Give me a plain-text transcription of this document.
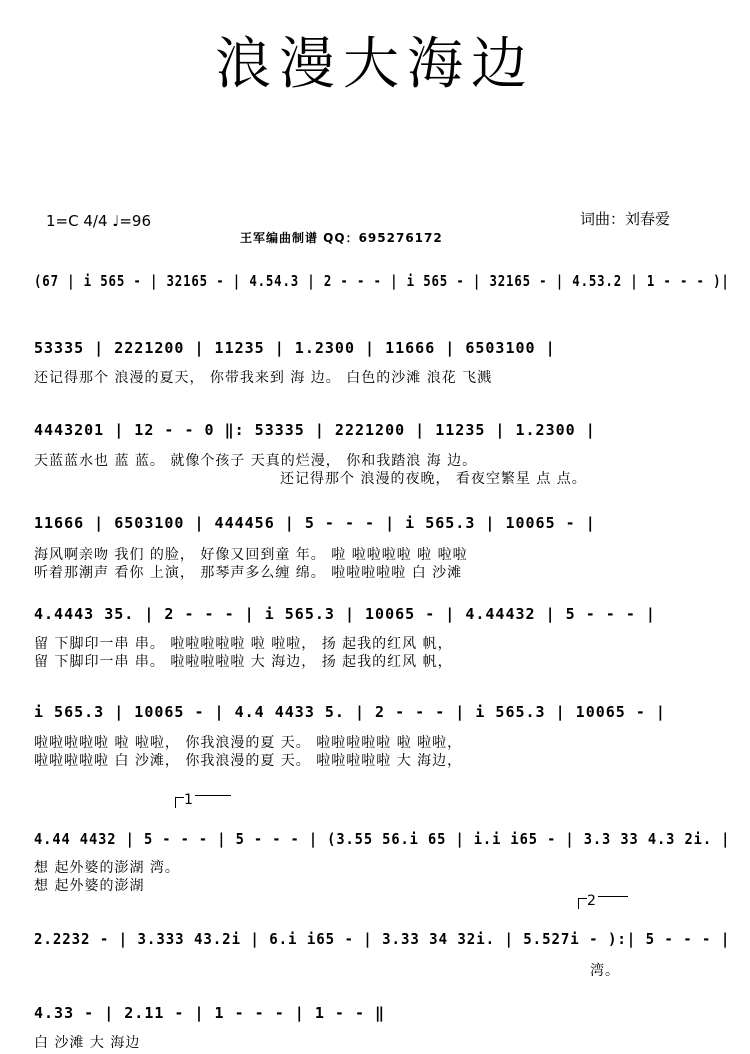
浪漫大海边
1=C 4/4 ♩=96
王军编曲制谱 QQ：695276172
词曲：刘春爱
(67 | i 565 - | 32165 - | 4.54.3 | 2 - - - | i 565 - | 32165 - | 4.53.2 | 1 - - - )|
53335 | 2221200 | 11235 | 1.2300 | 11666 | 6503100 |
还记得那个 浪漫的夏天， 你带我来到 海 边。 白色的沙滩 浪花 飞溅
4443201 | 12 - - 0 ‖: 53335 | 2221200 | 11235 | 1.2300 |
天蓝蓝水也 蓝 蓝。 就像个孩子 天真的烂漫， 你和我踏浪 海 边。
还记得那个 浪漫的夜晚， 看夜空繁星 点 点。
11666 | 6503100 | 444456 | 5 - - - | i 565.3 | 10065 - |
海风啊亲吻 我们 的脸， 好像又回到童 年。 啦 啦啦啦啦 啦 啦啦
听着那潮声 看你 上演， 那琴声多么缠 绵。 啦啦啦啦啦 白 沙滩
4.4443 35. | 2 - - - | i 565.3 | 10065 - | 4.44432 | 5 - - - |
留 下脚印一串 串。 啦啦啦啦啦 啦 啦啦， 扬 起我的红风 帆，
留 下脚印一串 串。 啦啦啦啦啦 大 海边， 扬 起我的红风 帆，
i 565.3 | 10065 - | 4.4 4433 5. | 2 - - - | i 565.3 | 10065 - |
啦啦啦啦啦 啦 啦啦， 你我浪漫的夏 天。 啦啦啦啦啦 啦 啦啦，
啦啦啦啦啦 白 沙滩， 你我浪漫的夏 天。 啦啦啦啦啦 大 海边，
1
4.44 4432 | 5 - - - | 5 - - - | (3.55 56.i 65 | i.i i65 - | 3.3 33 4.3 2i. |
想 起外婆的澎湖 湾。
想 起外婆的澎湖
2
2.2232 - | 3.333 43.2i | 6.i i65 - | 3.33 34 32i. | 5.527i - ):| 5 - - - |
湾。
4.33 - | 2.11 - | 1 - - - | 1 - - ‖
白 沙滩 大 海边
